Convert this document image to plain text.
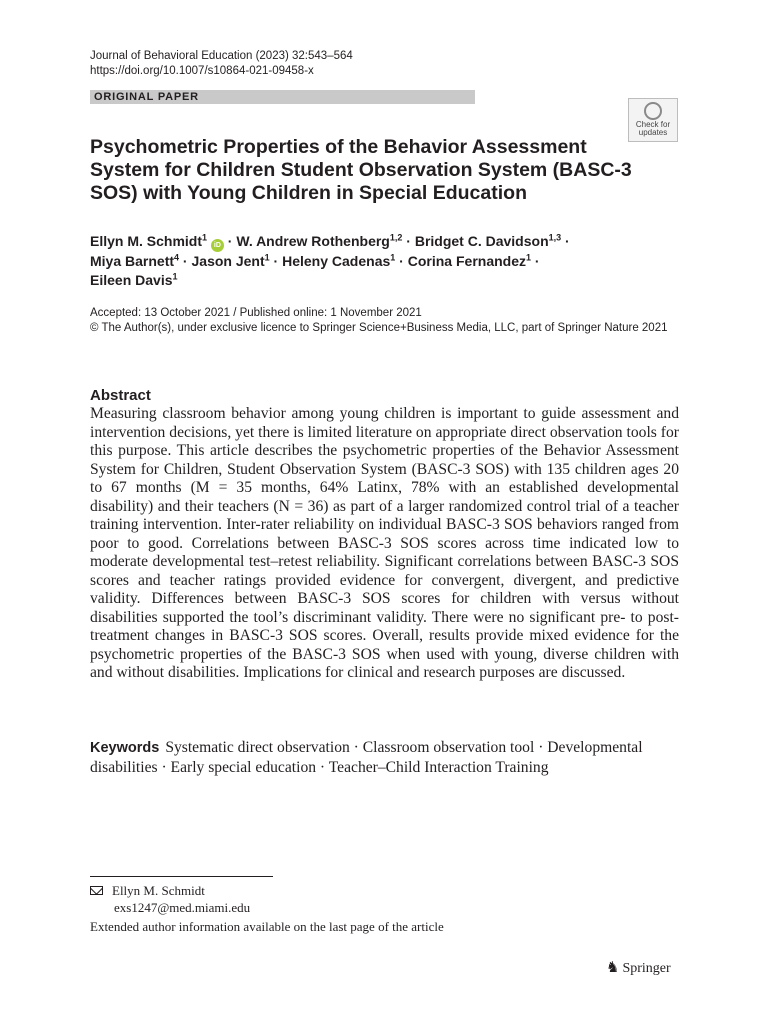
Journal of Behavioral Education (2023) 32:543–564
https://doi.org/10.1007/s10864-021-09458-x
ORIGINAL PAPER
Check for
updates
Psychometric Properties of the Behavior Assessment System for Children Student Observation System (BASC-3 SOS) with Young Children in Special Education
Ellyn M. Schmidt$^1$ iD · W. Andrew Rothenberg$^{1,2}$ · Bridget C. Davidson$^{1,3}$ ·
Miya Barnett$^4$ · Jason Jent$^1$ · Heleny Cadenas$^1$ · Corina Fernandez$^1$ ·
Eileen Davis$^1$
Accepted: 13 October 2021 / Published online: 1 November 2021
© The Author(s), under exclusive licence to Springer Science+Business Media, LLC, part of Springer Nature 2021
Abstract
Measuring classroom behavior among young children is important to guide assessment and intervention decisions, yet there is limited literature on appropriate direct observation tools for this purpose. This article describes the psychometric properties of the Behavior Assessment System for Children, Student Observation System (BASC-3 SOS) with 135 children ages 20 to 67 months (M = 35 months, 64% Latinx, 78% with an established developmental disability) and their teachers (N = 36) as part of a larger randomized control trial of a teacher training intervention. Inter-rater reliability on individual BASC-3 SOS behaviors ranged from poor to good. Correlations between BASC-3 SOS scores across time indicated low to moderate developmental test–retest reliability. Significant correlations between BASC-3 SOS scores and teacher ratings provided evidence for convergent, divergent, and predictive validity. Differences between BASC-3 SOS scores for children with versus without disabilities supported the tool’s discriminant validity. There were no significant pre- to post-treatment changes in BASC-3 SOS scores. Overall, results provide mixed evidence for the psychometric properties of the BASC-3 SOS when used with young, diverse children with and without disabilities. Implications for clinical and research purposes are discussed.
Keywords Systematic direct observation · Classroom observation tool · Developmental disabilities · Early special education · Teacher–Child Interaction Training
Ellyn M. Schmidt
exs1247@med.miami.edu
Extended author information available on the last page of the article
♞ Springer
